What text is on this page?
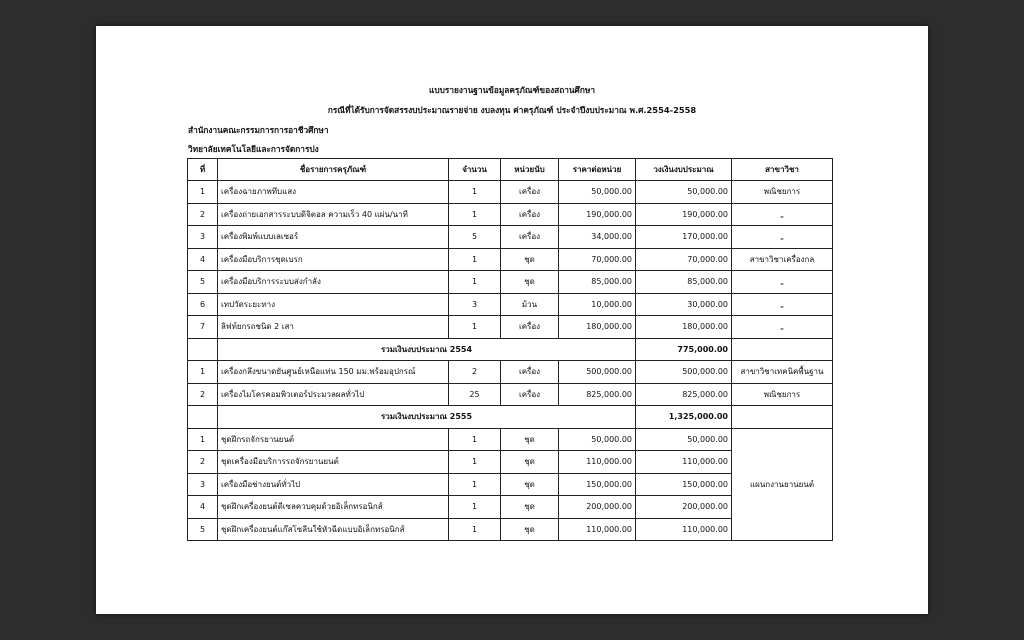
แบบรายงานฐานข้อมูลครุภัณฑ์ของสถานศึกษา
กรณีที่ได้รับการจัดสรรงบประมาณรายจ่าย งบลงทุน ค่าครุภัณฑ์ ประจำปีงบประมาณ พ.ศ.2554-2558
สำนักงานคณะกรรมการการอาชีวศึกษา
วิทยาลัยเทคโนโลยีและการจัดการปง
ที่	ชื่อรายการครุภัณฑ์	จำนวน	หน่วยนับ	ราคาต่อหน่วย	วงเงินงบประมาณ	สาขาวิชา
1	เครื่องฉายภาพทึบแสง	1	เครื่อง	50,000.00	50,000.00	พณิชยการ
2	เครื่องถ่ายเอกสารระบบดิจิตอล ความเร็ว 40 แผ่น/นาที	1	เครื่อง	190,000.00	190,000.00	„
3	เครื่องพิมพ์แบบเลเซอร์	5	เครื่อง	34,000.00	170,000.00	„
4	เครื่องมือบริการชุดเบรก	1	ชุด	70,000.00	70,000.00	สาขาวิชาเครื่องกล
5	เครื่องมือบริการระบบส่งกำลัง	1	ชุด	85,000.00	85,000.00	„
6	เทปวัดระยะทาง	3	ม้วน	10,000.00	30,000.00	„
7	ลิฟท์ยกรถชนิด 2 เสา	1	เครื่อง	180,000.00	180,000.00	„
	รวมเงินงบประมาณ 2554				775,000.00	
1	เครื่องกลึงขนาดยันศูนย์เหนือแท่น 150 มม.พร้อมอุปกรณ์	2	เครื่อง	500,000.00	500,000.00	สาขาวิชาเทคนิคพื้นฐาน
2	เครื่องไมโครคอมพิวเตอร์ประมวลผลทั่วไป	25	เครื่อง	825,000.00	825,000.00	พณิชยการ
	รวมเงินงบประมาณ 2555				1,325,000.00	
1	ชุดฝึกรถจักรยานยนต์	1	ชุด	50,000.00	50,000.00	แผนกงานยานยนต์
2	ชุดเครื่องมือบริการรถจักรยานยนต์	1	ชุด	110,000.00	110,000.00	
3	เครื่องมือช่างยนต์ทั่วไป	1	ชุด	150,000.00	150,000.00	
4	ชุดฝึกเครื่องยนต์ดีเซลควบคุมด้วยอิเล็กทรอนิกส์	1	ชุด	200,000.00	200,000.00	
5	ชุดฝึกเครื่องยนต์แก๊สโซลีนใช้หัวฉีดแบบอิเล็กทรอนิกส์	1	ชุด	110,000.00	110,000.00	
